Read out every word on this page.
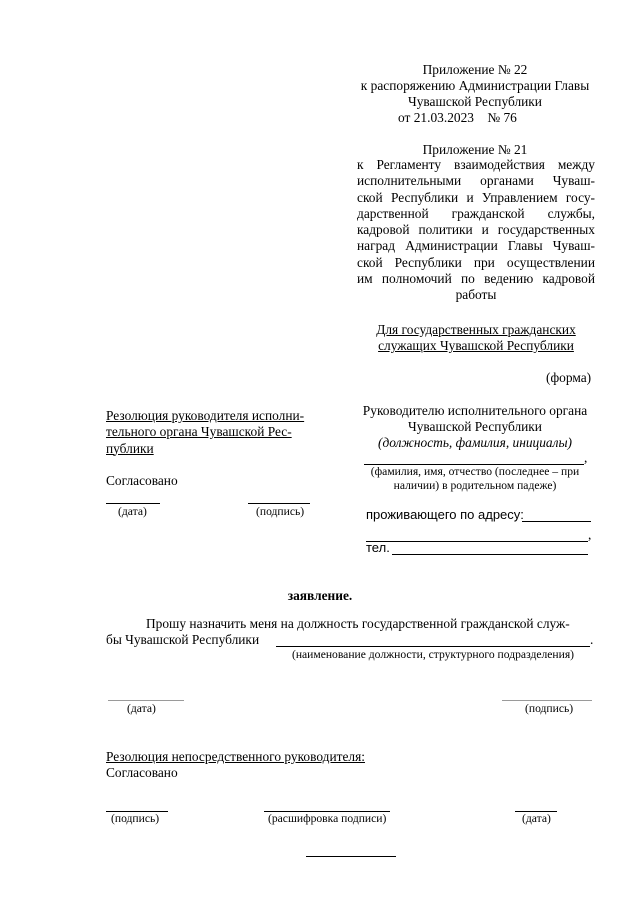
Приложение № 22
к распоряжению Администрации Главы
Чувашской Республики
от 21.03.2023    № 76
Приложение № 21
к Регламенту взаимодействия между
исполнительными органами Чуваш-
ской Республики и Управлением госу-
дарственной гражданской службы,
кадровой политики и государственных
наград Администрации Главы Чуваш-
ской Республики при осуществлении
им полномочий по ведению кадровой
работы
Для государственных гражданских
служащих Чувашской Республики
(форма)
Резолюция руководителя исполни-
тельного органа Чувашской Рес-
публики
Согласовано
(дата)	(подпись)
Руководителю исполнительного органа
Чувашской Республики
(должность, фамилия, инициалы)
,
(фамилия, имя, отчество (последнее – при
наличии) в родительном падеже)
проживающего по адресу:
,
тел.
заявление.
Прошу назначить меня на должность государственной гражданской служ-
бы Чувашской Республики	.
(наименование должности, структурного подразделения)
(дата)	(подпись)
Резолюция непосредственного руководителя:
Согласовано
(подпись)	(расшифровка подписи)	(дата)
